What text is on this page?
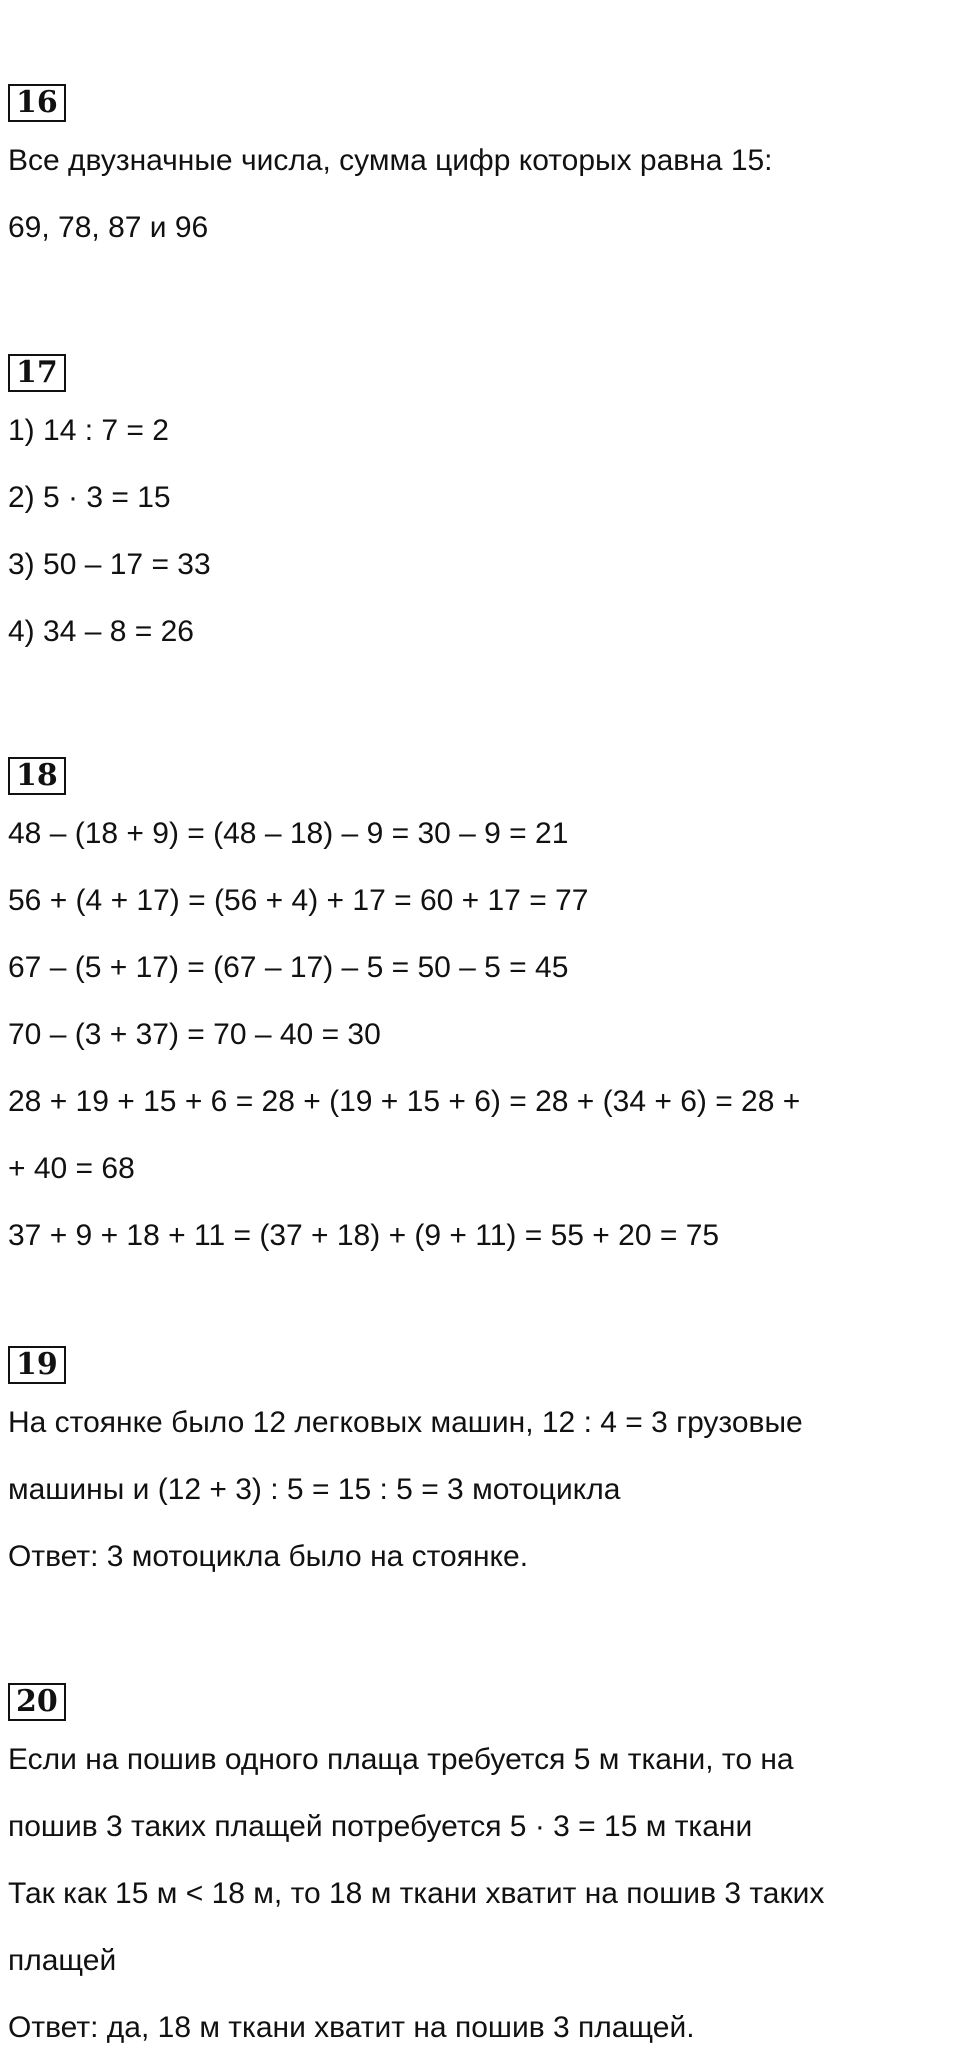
16
Все двузначные числа, сумма цифр которых равна 15:
69, 78, 87 и 96
17
1) 14 : 7 = 2
2) 5 · 3 = 15
3) 50 – 17 = 33
4) 34 – 8 = 26
18
48 – (18 + 9) = (48 – 18) – 9 = 30 – 9 = 21
56 + (4 + 17) = (56 + 4) + 17 = 60 + 17 = 77
67 – (5 + 17) = (67 – 17) – 5 = 50 – 5 = 45
70 – (3 + 37) = 70 – 40 = 30
28 + 19 + 15 + 6 = 28 + (19 + 15 + 6) = 28 + (34 + 6) = 28 +
+ 40 = 68
37 + 9 + 18 + 11 = (37 + 18) + (9 + 11) = 55 + 20 = 75
19
На стоянке было 12 легковых машин, 12 : 4 = 3 грузовые
машины и (12 + 3) : 5 = 15 : 5 = 3 мотоцикла
Ответ: 3 мотоцикла было на стоянке.
20
Если на пошив одного плаща требуется 5 м ткани, то на
пошив 3 таких плащей потребуется 5 · 3 = 15 м ткани
Так как 15 м < 18 м, то 18 м ткани хватит на пошив 3 таких
плащей
Ответ: да, 18 м ткани хватит на пошив 3 плащей.
